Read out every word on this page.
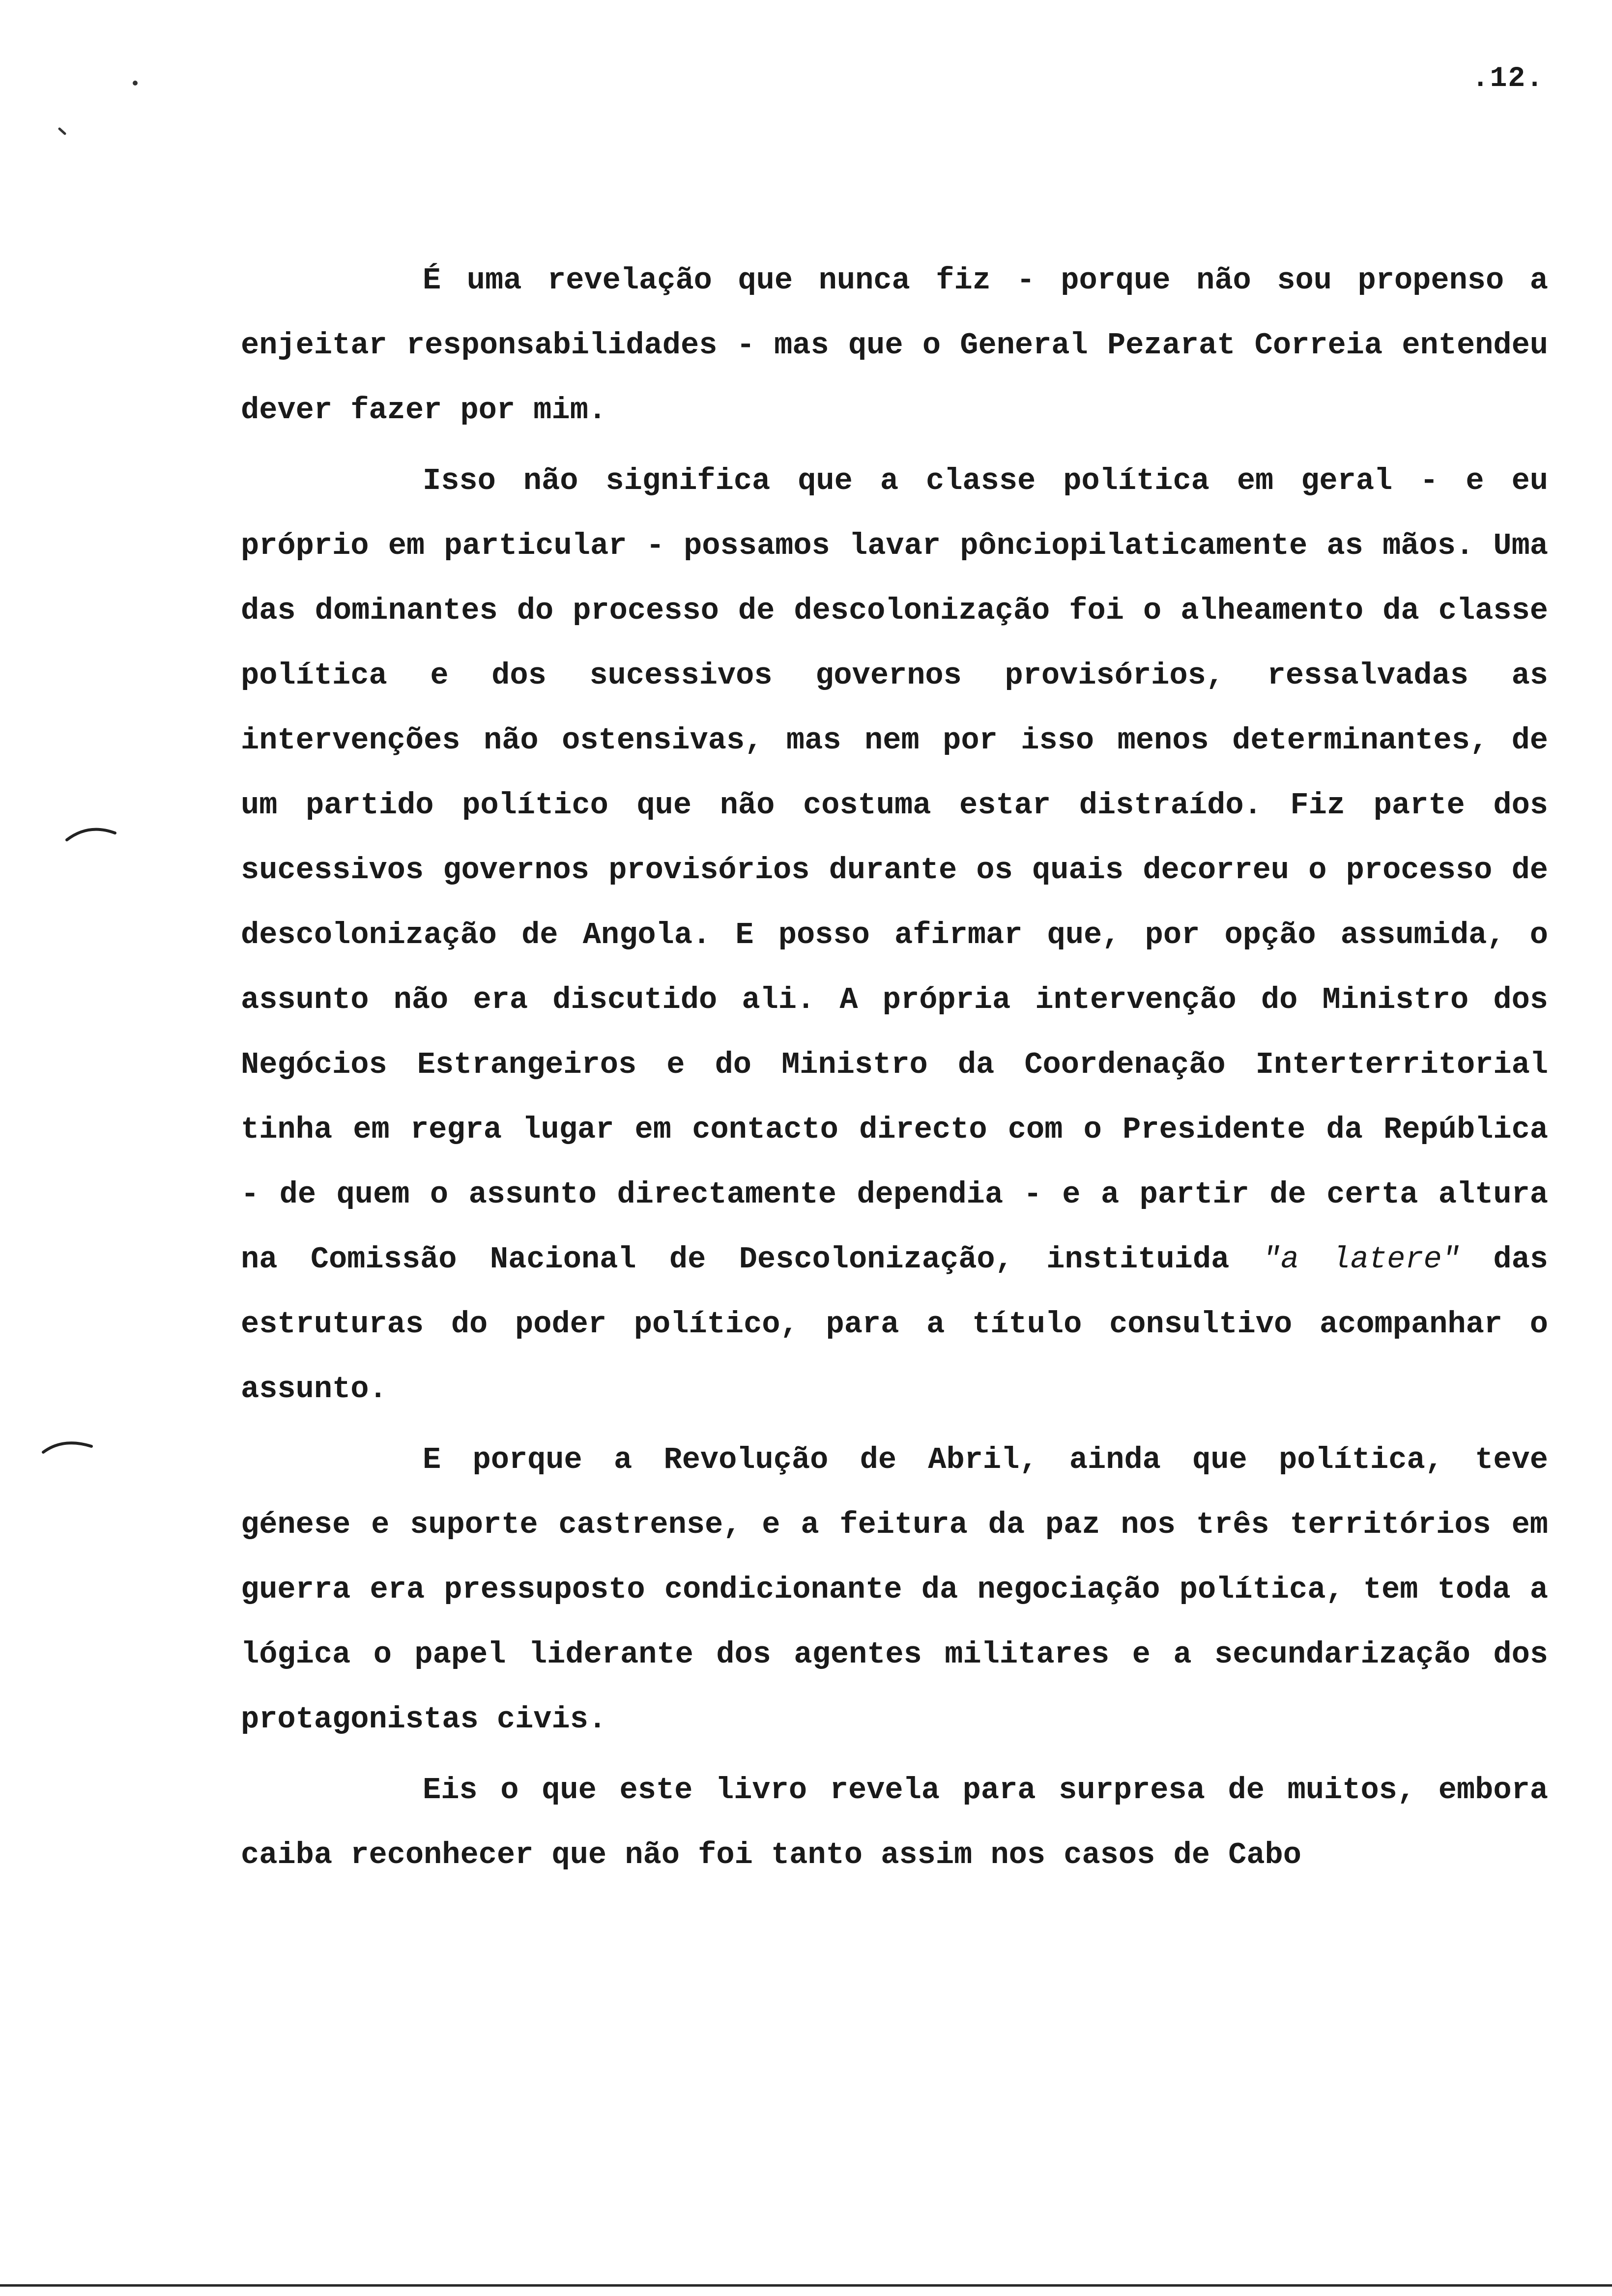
.12.

É uma revelação que nunca fiz - porque não sou propenso a enjeitar responsabilidades - mas que o General Pezarat Correia entendeu dever fazer por mim.

Isso não significa que a classe política em geral - e eu próprio em particular - possamos lavar pônciopilaticamente as mãos. Uma das dominantes do processo de descolonização foi o alheamento da classe política e dos sucessivos governos provisórios, ressalvadas as intervenções não ostensivas, mas nem por isso menos determinantes, de um partido político que não costuma estar distraído. Fiz parte dos sucessivos governos provisórios durante os quais decorreu o processo de descolonização de Angola. E posso afirmar que, por opção assumida, o assunto não era discutido ali. A própria intervenção do Ministro dos Negócios Estrangeiros e do Ministro da Coordenação Interterritorial tinha em regra lugar em contacto directo com o Presidente da República - de quem o assunto directamente dependia - e a partir de certa altura na Comissão Nacional de Descolonização, instituida "a latere" das estruturas do poder político, para a título consultivo acompanhar o assunto.

E porque a Revolução de Abril, ainda que política, teve génese e suporte castrense, e a feitura da paz nos três territórios em guerra era pressuposto condicionante da negociação política, tem toda a lógica o papel liderante dos agentes militares e a secundarização dos protagonistas civis.

Eis o que este livro revela para surpresa de muitos, embora caiba reconhecer que não foi tanto assim nos casos de Cabo
